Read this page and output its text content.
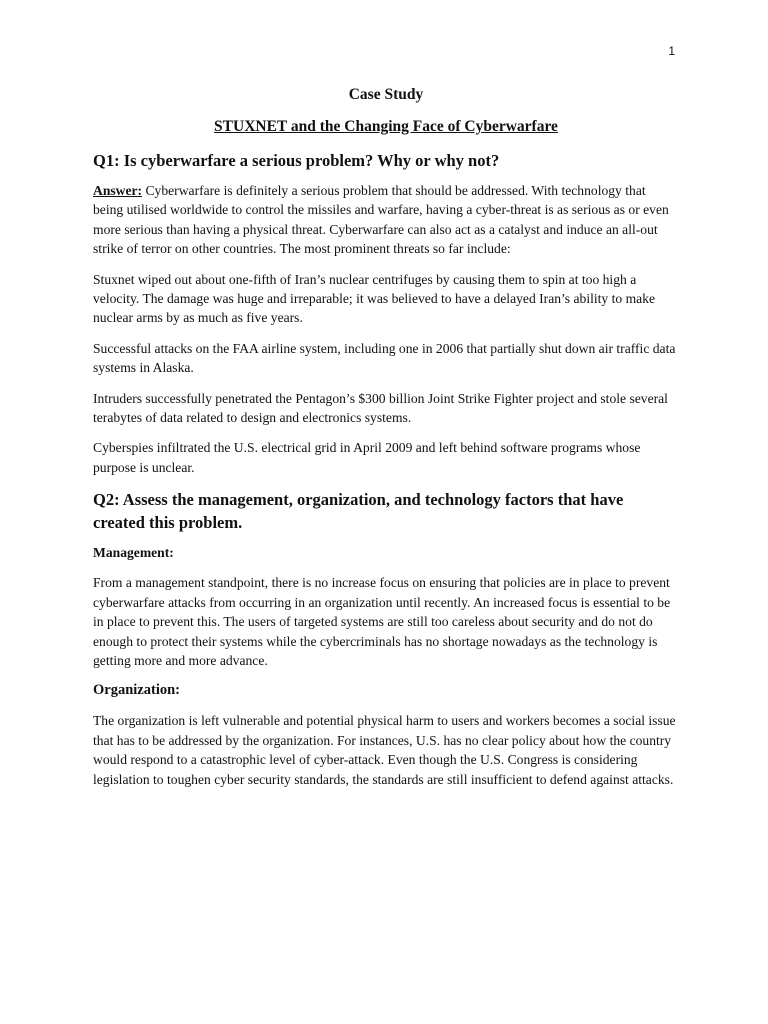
1
Case Study
STUXNET and the Changing Face of Cyberwarfare
Q1: Is cyberwarfare a serious problem? Why or why not?

Answer: Cyberwarfare is definitely a serious problem that should be addressed. With technology that being utilised worldwide to control the missiles and warfare, having a cyber-threat is as serious as or even more serious than having a physical threat. Cyberwarfare can also act as a catalyst and induce an all-out strike of terror on other countries. The most prominent threats so far include:

Stuxnet wiped out about one-fifth of Iran’s nuclear centrifuges by causing them to spin at too high a velocity. The damage was huge and irreparable; it was believed to have a delayed Iran’s ability to make nuclear arms by as much as five years.

Successful attacks on the FAA airline system, including one in 2006 that partially shut down air traffic data systems in Alaska.

Intruders successfully penetrated the Pentagon’s $300 billion Joint Strike Fighter project and stole several terabytes of data related to design and electronics systems.

Cyberspies infiltrated the U.S. electrical grid in April 2009 and left behind software programs whose purpose is unclear.

Q2: Assess the management, organization, and technology factors that have created this problem.
Management:

From a management standpoint, there is no increase focus on ensuring that policies are in place to prevent cyberwarfare attacks from occurring in an organization until recently. An increased focus is essential to be in place to prevent this. The users of targeted systems are still too careless about security and do not do enough to protect their systems while the cybercriminals has no shortage nowadays as the technology is getting more and more advance.

Organization:

The organization is left vulnerable and potential physical harm to users and workers becomes a social issue that has to be addressed by the organization. For instances, U.S. has no clear policy about how the country would respond to a catastrophic level of cyber-attack. Even though the U.S. Congress is considering legislation to toughen cyber security standards, the standards are still insufficient to defend against attacks.
